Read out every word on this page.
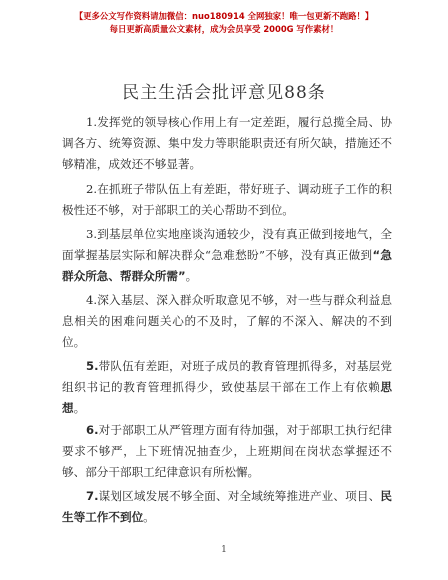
【更多公文写作资料请加微信：nuo180914 全网独家！唯一包更新不跑路！】
每日更新高质量公文素材，成为会员享受 2000G 写作素材！
民主生活会批评意见88条
1.发挥党的领导核心作用上有一定差距，履行总揽全局、协调各方、统筹资源、集中发力等职能职责还有所欠缺，措施还不够精准，成效还不够显著。
2.在抓班子带队伍上有差距，带好班子、调动班子工作的积极性还不够，对于部职工的关心帮助不到位。
3.到基层单位实地座谈沟通较少，没有真正做到接地气，全面掌握基层实际和解决群众“急难愁盼”不够，没有真正做到“急群众所急、帮群众所需”。
4.深入基层、深入群众听取意见不够，对一些与群众利益息息相关的困难问题关心的不及时，了解的不深入、解决的不到位。
5.带队伍有差距，对班子成员的教育管理抓得多，对基层党组织书记的教育管理抓得少，致使基层干部在工作上有依赖思想。
6.对于部职工从严管理方面有待加强，对于部职工执行纪律要求不够严，上下班情况抽查少，上班期间在岗状态掌握还不够、部分干部职工纪律意识有所松懈。
7.谋划区域发展不够全面、对全域统筹推进产业、项目、民生等工作不到位。
1
